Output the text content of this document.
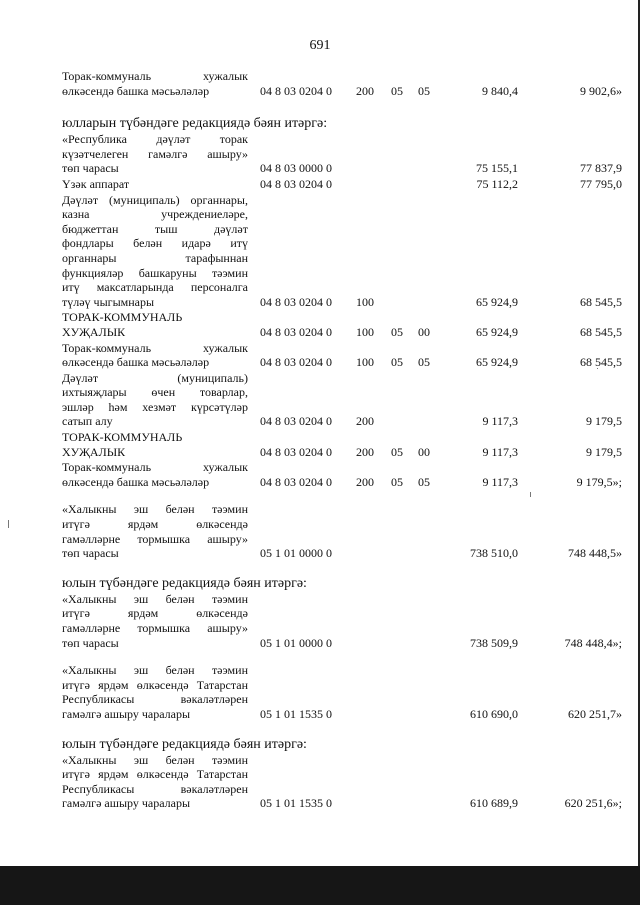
691
Торак-коммуналь хужалык
өлкәсендә башка мәсьәләләр	04 8 03 0204 0 200 05 05	9 840,4	9 902,6»
юлларын түбәндәге редакциядә бәян итәргә:
«Республика дәүләт торак
күзәтчелеген гамәлгә ашыру»
төп чарасы	04 8 03 0000 0	75 155,1	77 837,9
Үзәк аппарат	04 8 03 0204 0	75 112,2	77 795,0
Дәүләт (муниципаль) органнары,
казна учреждениеләре,
бюджеттан тыш дәүләт
фондлары белән идарә итү
органнары тарафыннан
функцияләр башкаруны тәэмин
итү максатларында персоналга
түләү чыгымнары	04 8 03 0204 0 100	65 924,9	68 545,5
ТОРАК-КОММУНАЛЬ
ХУҖАЛЫК	04 8 03 0204 0 100 05 00	65 924,9	68 545,5
Торак-коммуналь хужалык
өлкәсендә башка мәсьәләләр	04 8 03 0204 0 100 05 05	65 924,9	68 545,5
Дәүләт (муниципаль)
ихтыяҗлары өчен товарлар,
эшләр һәм хезмәт күрсәтүләр
сатып алу	04 8 03 0204 0 200	9 117,3	9 179,5
ТОРАК-КОММУНАЛЬ
ХУҖАЛЫК	04 8 03 0204 0 200 05 00	9 117,3	9 179,5
Торак-коммуналь хужалык
өлкәсендә башка мәсьәләләр	04 8 03 0204 0 200 05 05	9 117,3	9 179,5»;
«Халыкны эш белән тәэмин
итүгә ярдәм өлкәсендә
гамәлләрне тормышка ашыру»
төп чарасы	05 1 01 0000 0	738 510,0	748 448,5»
юлын түбәндәге редакциядә бәян итәргә:
«Халыкны эш белән тәэмин
итүгә ярдәм өлкәсендә
гамәлләрне тормышка ашыру»
төп чарасы	05 1 01 0000 0	738 509,9	748 448,4»;
«Халыкны эш белән тәэмин
итүгә ярдәм өлкәсендә Татарстан
Республикасы вәкаләтләрен
гамәлгә ашыру чаралары	05 1 01 1535 0	610 690,0	620 251,7»
юлын түбәндәге редакциядә бәян итәргә:
«Халыкны эш белән тәэмин
итүгә ярдәм өлкәсендә Татарстан
Республикасы вәкаләтләрен
гамәлгә ашыру чаралары	05 1 01 1535 0	610 689,9	620 251,6»;
